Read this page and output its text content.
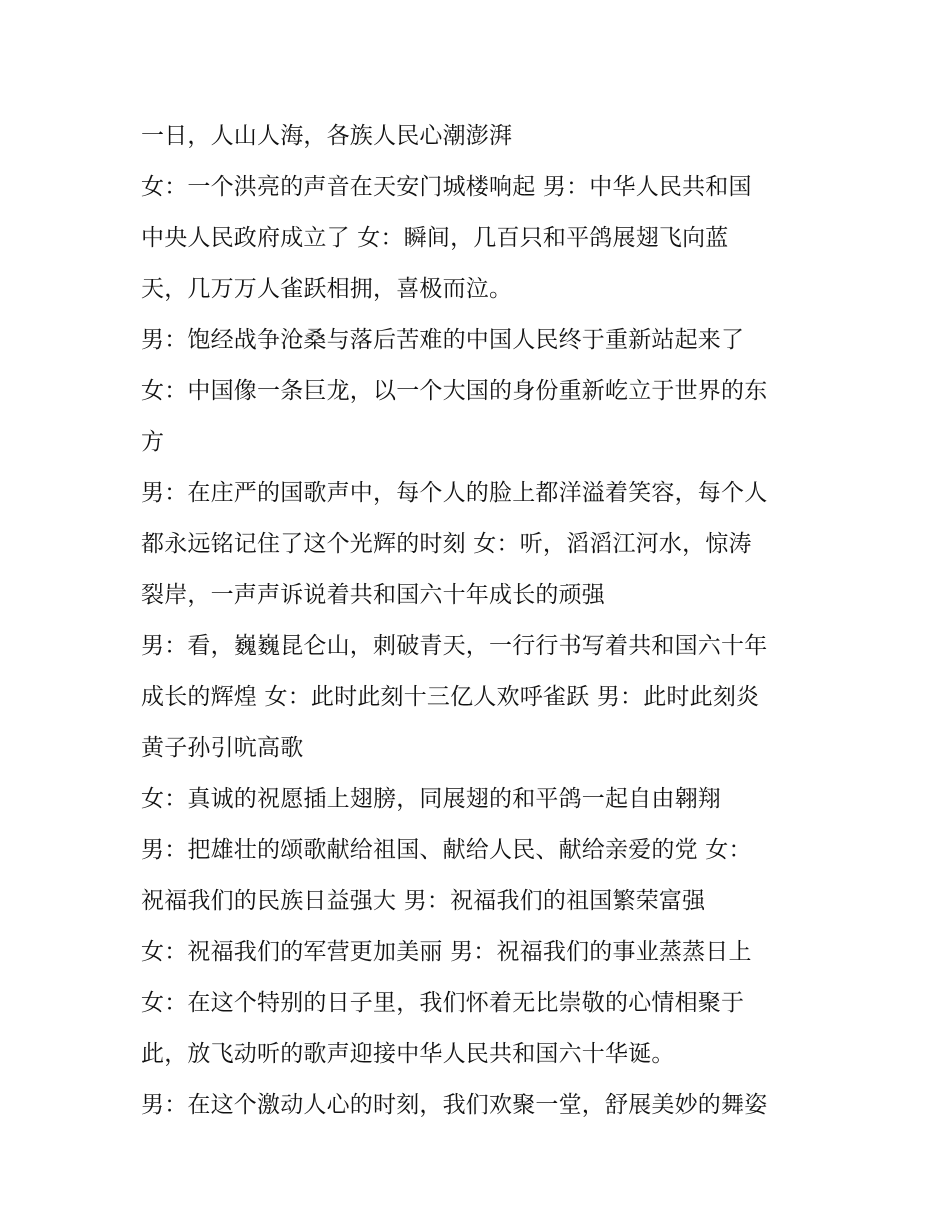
一日，人山人海，各族人民心潮澎湃
女：一个洪亮的声音在天安门城楼响起 男：中华人民共和国
中央人民政府成立了 女：瞬间，几百只和平鸽展翅飞向蓝
天，几万万人雀跃相拥，喜极而泣。
男：饱经战争沧桑与落后苦难的中国人民终于重新站起来了
女：中国像一条巨龙，以一个大国的身份重新屹立于世界的东
方
男：在庄严的国歌声中，每个人的脸上都洋溢着笑容，每个人
都永远铭记住了这个光辉的时刻 女：听，滔滔江河水，惊涛
裂岸，一声声诉说着共和国六十年成长的顽强
男：看，巍巍昆仑山，刺破青天，一行行书写着共和国六十年
成长的辉煌 女：此时此刻十三亿人欢呼雀跃 男：此时此刻炎
黄子孙引吭高歌
女：真诚的祝愿插上翅膀，同展翅的和平鸽一起自由翱翔
男：把雄壮的颂歌献给祖国、献给人民、献给亲爱的党 女：
祝福我们的民族日益强大 男：祝福我们的祖国繁荣富强
女：祝福我们的军营更加美丽 男：祝福我们的事业蒸蒸日上
女：在这个特别的日子里，我们怀着无比崇敬的心情相聚于
此，放飞动听的歌声迎接中华人民共和国六十华诞。
男：在这个激动人心的时刻，我们欢聚一堂，舒展美妙的舞姿
